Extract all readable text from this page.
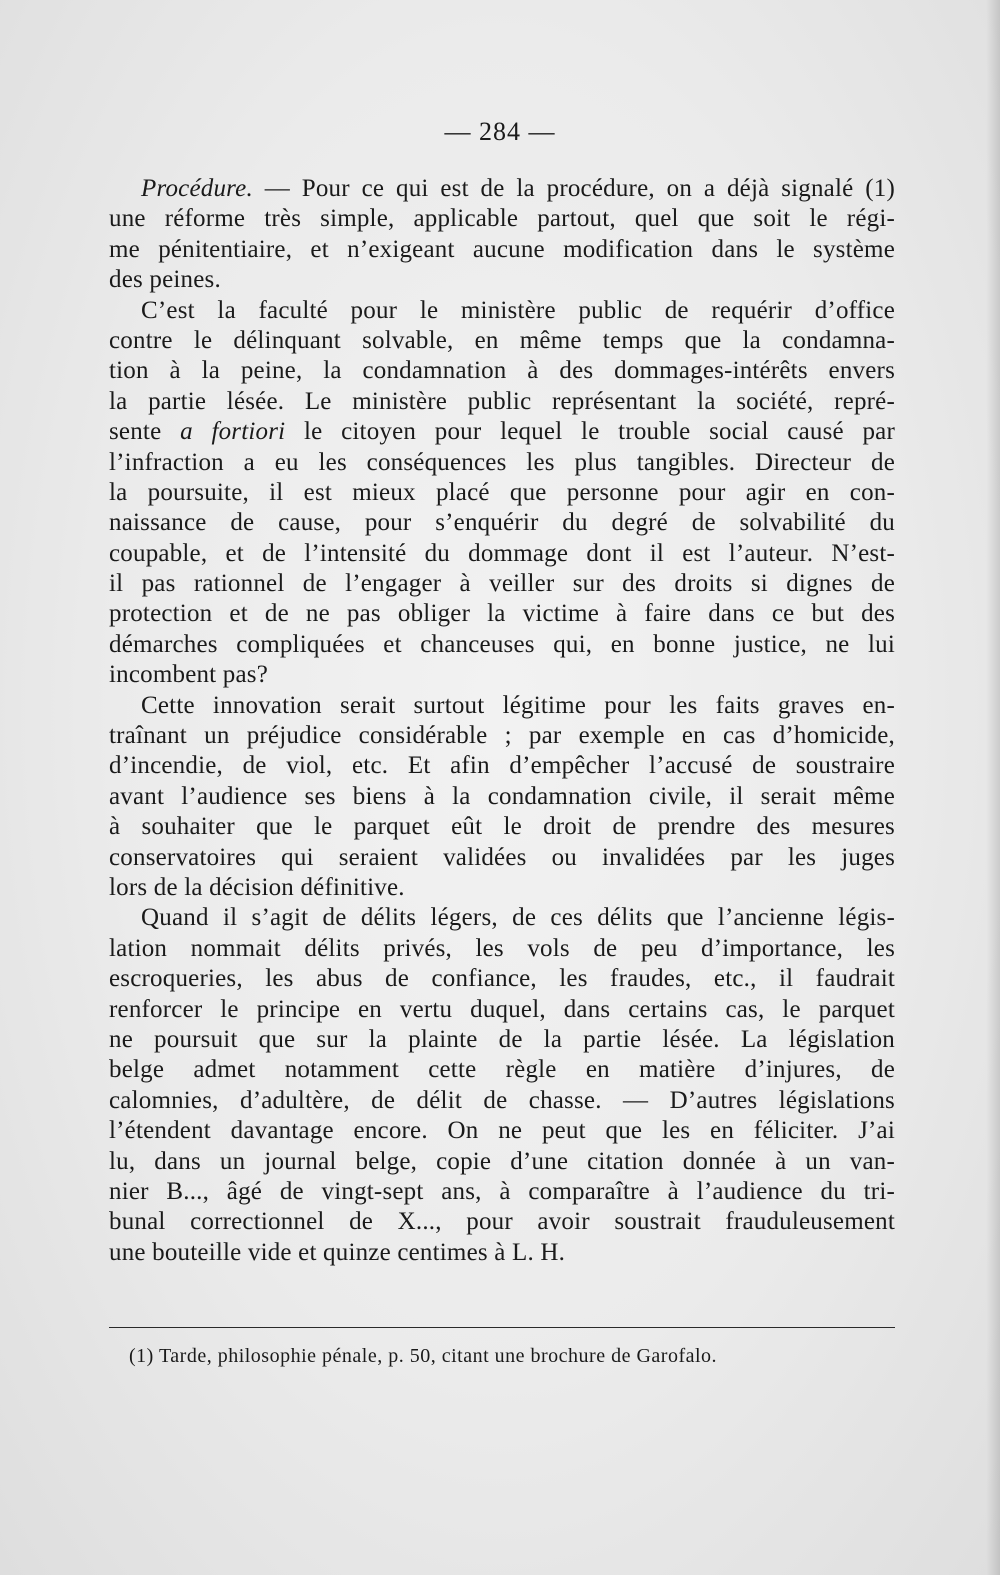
— 284 —
Procédure. — Pour ce qui est de la procédure, on a déjà signalé (1)
une réforme très simple, applicable partout, quel que soit le régi-
me pénitentiaire, et n’exigeant aucune modification dans le système
des peines.
C’est la faculté pour le ministère public de requérir d’office
contre le délinquant solvable, en même temps que la condamna-
tion à la peine, la condamnation à des dommages-intérêts envers
la partie lésée. Le ministère public représentant la société, repré-
sente a fortiori le citoyen pour lequel le trouble social causé par
l’infraction a eu les conséquences les plus tangibles. Directeur de
la poursuite, il est mieux placé que personne pour agir en con-
naissance de cause, pour s’enquérir du degré de solvabilité du
coupable, et de l’intensité du dommage dont il est l’auteur. N’est-
il pas rationnel de l’engager à veiller sur des droits si dignes de
protection et de ne pas obliger la victime à faire dans ce but des
démarches compliquées et chanceuses qui, en bonne justice, ne lui
incombent pas?
Cette innovation serait surtout légitime pour les faits graves en-
traînant un préjudice considérable ; par exemple en cas d’homicide,
d’incendie, de viol, etc. Et afin d’empêcher l’accusé de soustraire
avant l’audience ses biens à la condamnation civile, il serait même
à souhaiter que le parquet eût le droit de prendre des mesures
conservatoires qui seraient validées ou invalidées par les juges
lors de la décision définitive.
Quand il s’agit de délits légers, de ces délits que l’ancienne légis-
lation nommait délits privés, les vols de peu d’importance, les
escroqueries, les abus de confiance, les fraudes, etc., il faudrait
renforcer le principe en vertu duquel, dans certains cas, le parquet
ne poursuit que sur la plainte de la partie lésée. La législation
belge admet notamment cette règle en matière d’injures, de
calomnies, d’adultère, de délit de chasse. — D’autres législations
l’étendent davantage encore. On ne peut que les en féliciter. J’ai
lu, dans un journal belge, copie d’une citation donnée à un van-
nier B..., âgé de vingt-sept ans, à comparaître à l’audience du tri-
bunal correctionnel de X..., pour avoir soustrait frauduleusement
une bouteille vide et quinze centimes à L. H.
(1) Tarde, philosophie pénale, p. 50, citant une brochure de Garofalo.
